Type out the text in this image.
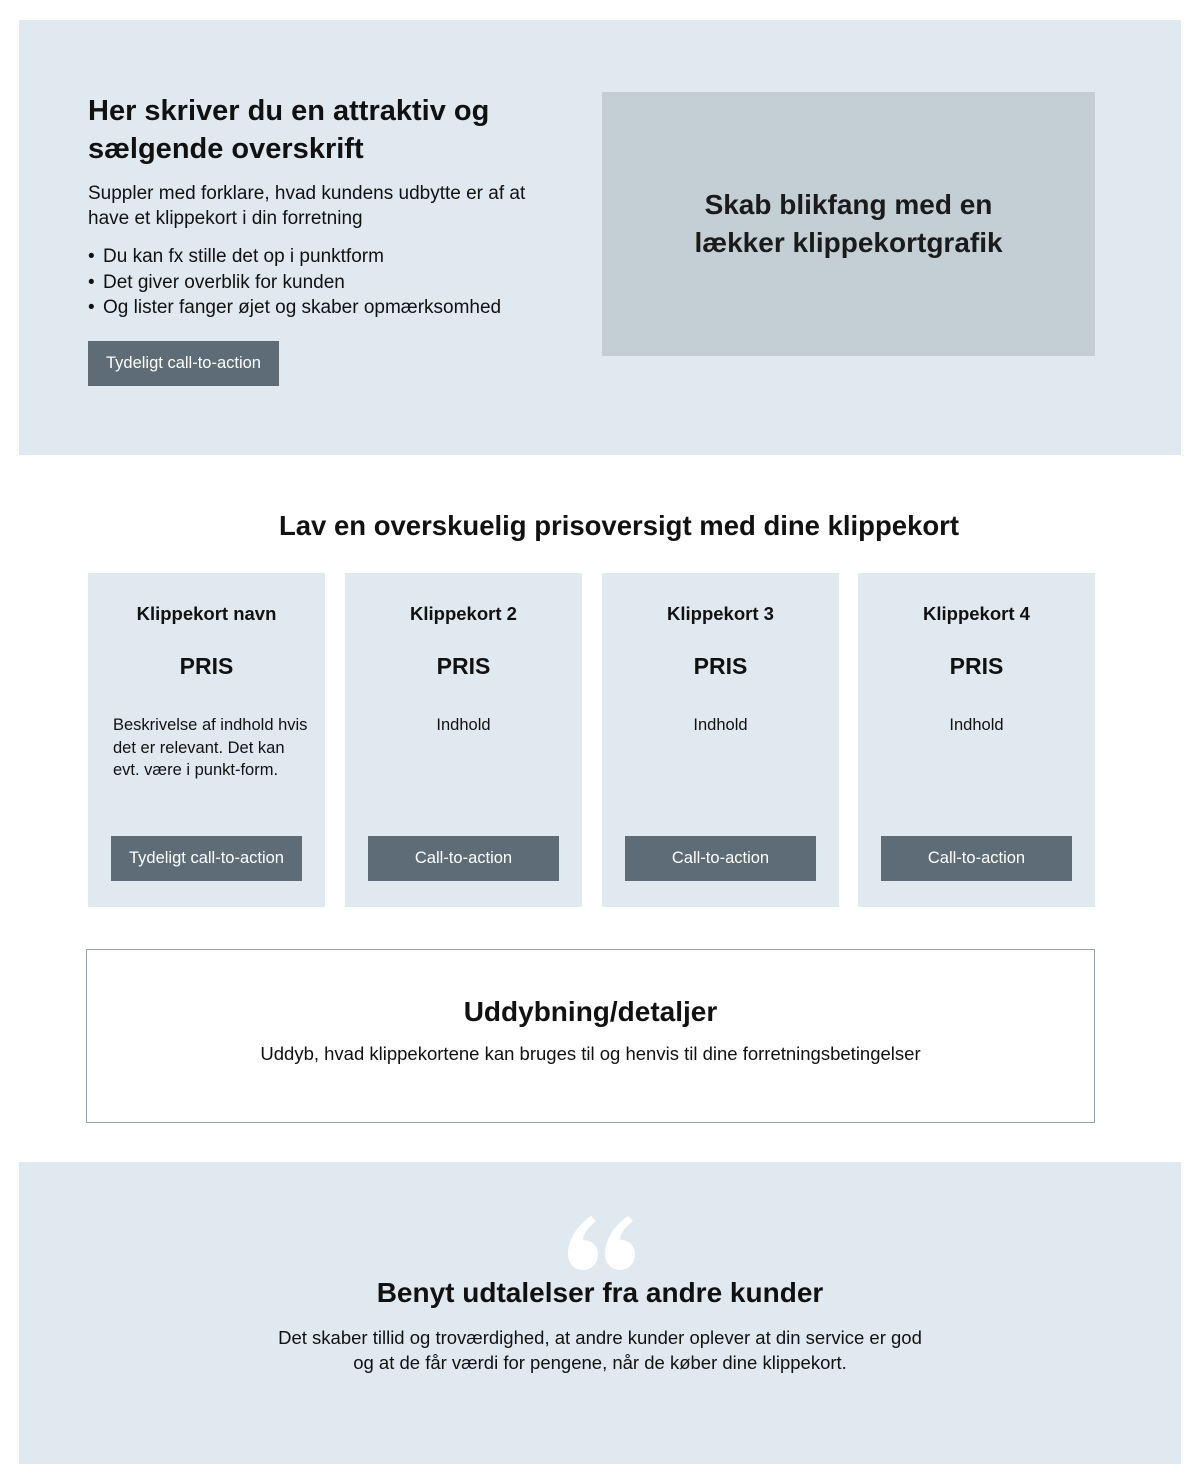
Her skriver du en attraktiv og sælgende overskrift

Suppler med forklare, hvad kundens udbytte er af at have et klippekort i din forretning

• Du kan fx stille det op i punktform
• Det giver overblik for kunden
• Og lister fanger øjet og skaber opmærksomhed
Tydeligt call-to-action
Skab blikfang med en lækker klippekortgrafik
Lav en overskuelig prisoversigt med dine klippekort
Klippekort navn
PRIS
Beskrivelse af indhold hvis det er relevant. Det kan evt. være i punkt-form.
Tydeligt call-to-action
Klippekort 2
PRIS
Indhold
Call-to-action
Klippekort 3
PRIS
Indhold
Call-to-action
Klippekort 4
PRIS
Indhold
Call-to-action
Uddybning/detaljer

Uddyb, hvad klippekortene kan bruges til og henvis til dine forretningsbetingelser

Benyt udtalelser fra andre kunder

Det skaber tillid og troværdighed, at andre kunder oplever at din service er god
og at de får værdi for pengene, når de køber dine klippekort.
